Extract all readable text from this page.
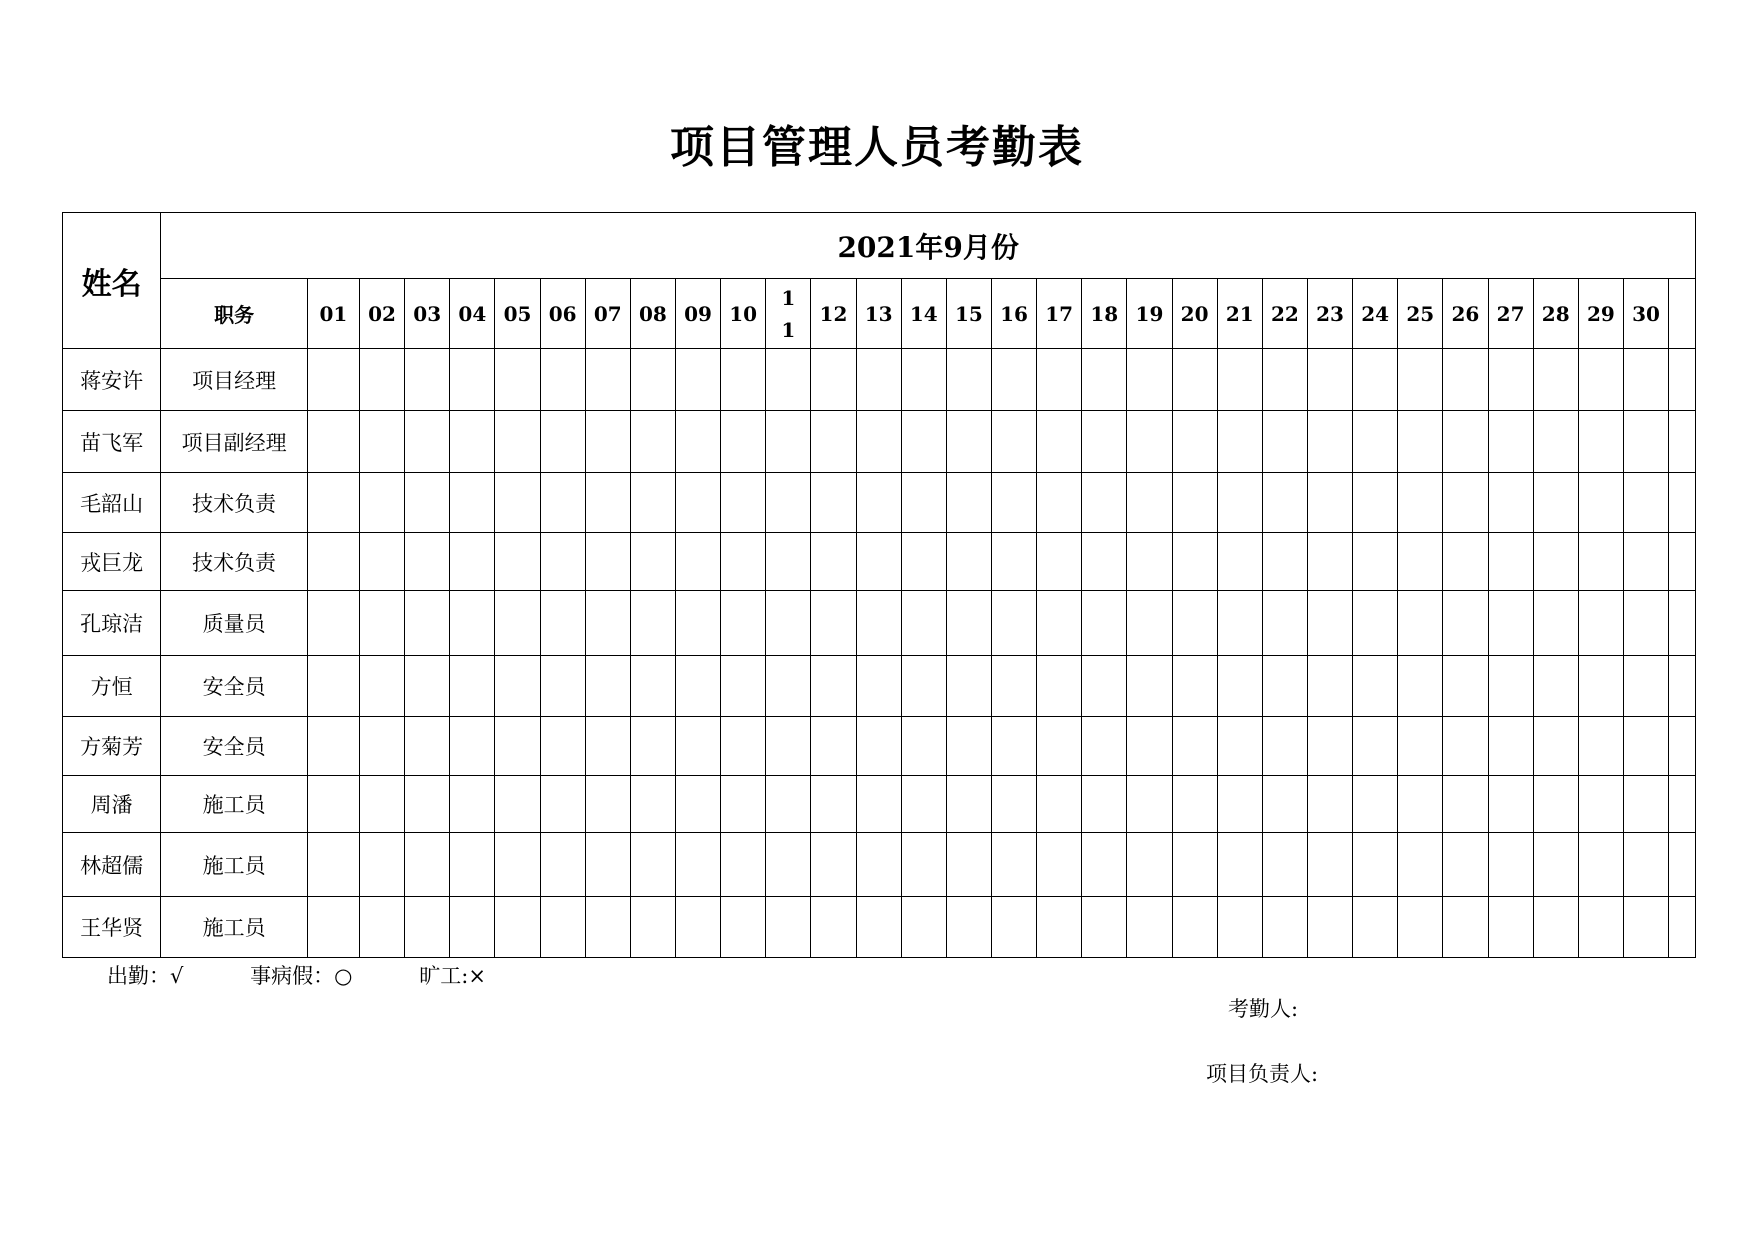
项目管理人员考勤表
姓名	2021年9月份																															
	职务	01	02	03	04	05	06	07	08	09	10	11	12	13	14	15	16	17	18	19	20	21	22	23	24	25	26	27	28	29	30	
蒋安许	项目经理																															
苗飞军	项目副经理																															
毛韶山	技术负责																															
戎巨龙	技术负责																															
孔琼洁	质量员																															
方恒	安全员																															
方菊芳	安全员																															
周潘	施工员																															
林超儒	施工员																															
王华贤	施工员																															
出勤：√	事病假：○	旷工:×
考勤人:
项目负责人:
